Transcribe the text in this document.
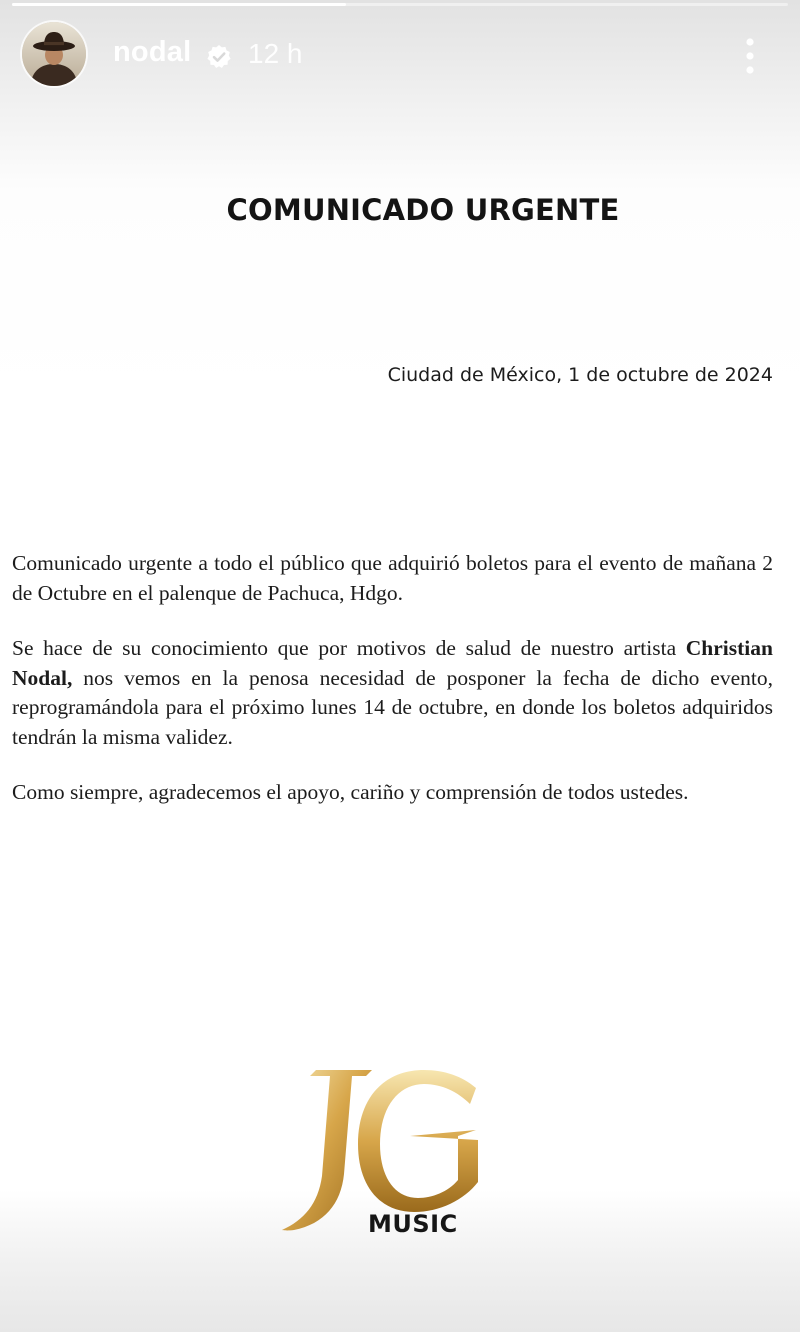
nodal 12 h
COMUNICADO URGENTE

Ciudad de México, 1 de octubre de 2024

Comunicado urgente a todo el público que adquirió boletos para el evento de mañana 2 de Octubre en el palenque de Pachuca, Hdgo.

Se hace de su conocimiento que por motivos de salud de nuestro artista Christian Nodal, nos vemos en la penosa necesidad de posponer la fecha de dicho evento, reprogramándola para el próximo lunes 14 de octubre, en donde los boletos adquiridos tendrán la misma validez.

Como siempre, agradecemos el apoyo, cariño y comprensión de todos ustedes.

MUSIC
